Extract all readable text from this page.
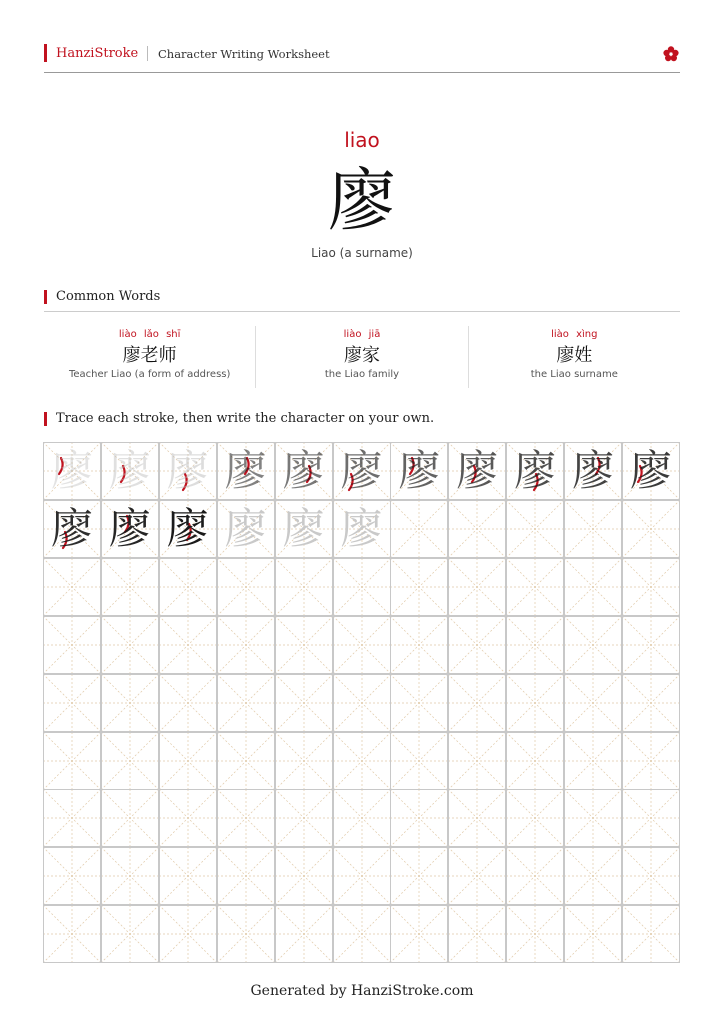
HanziStroke Character Writing Worksheet
liao
廖
Liao (a surname)
Common Words
liào lǎo shī
廖老师
Teacher Liao (a form of address)
liào jiā
廖家
the Liao family
liào xìng
廖姓
the Liao surname
Trace each stroke, then write the character on your own.
廖 廖 廖 廖 廖 廖 廖 廖 廖 廖 廖
廖 廖 廖 廖 廖 廖
Generated by HanziStroke.com
